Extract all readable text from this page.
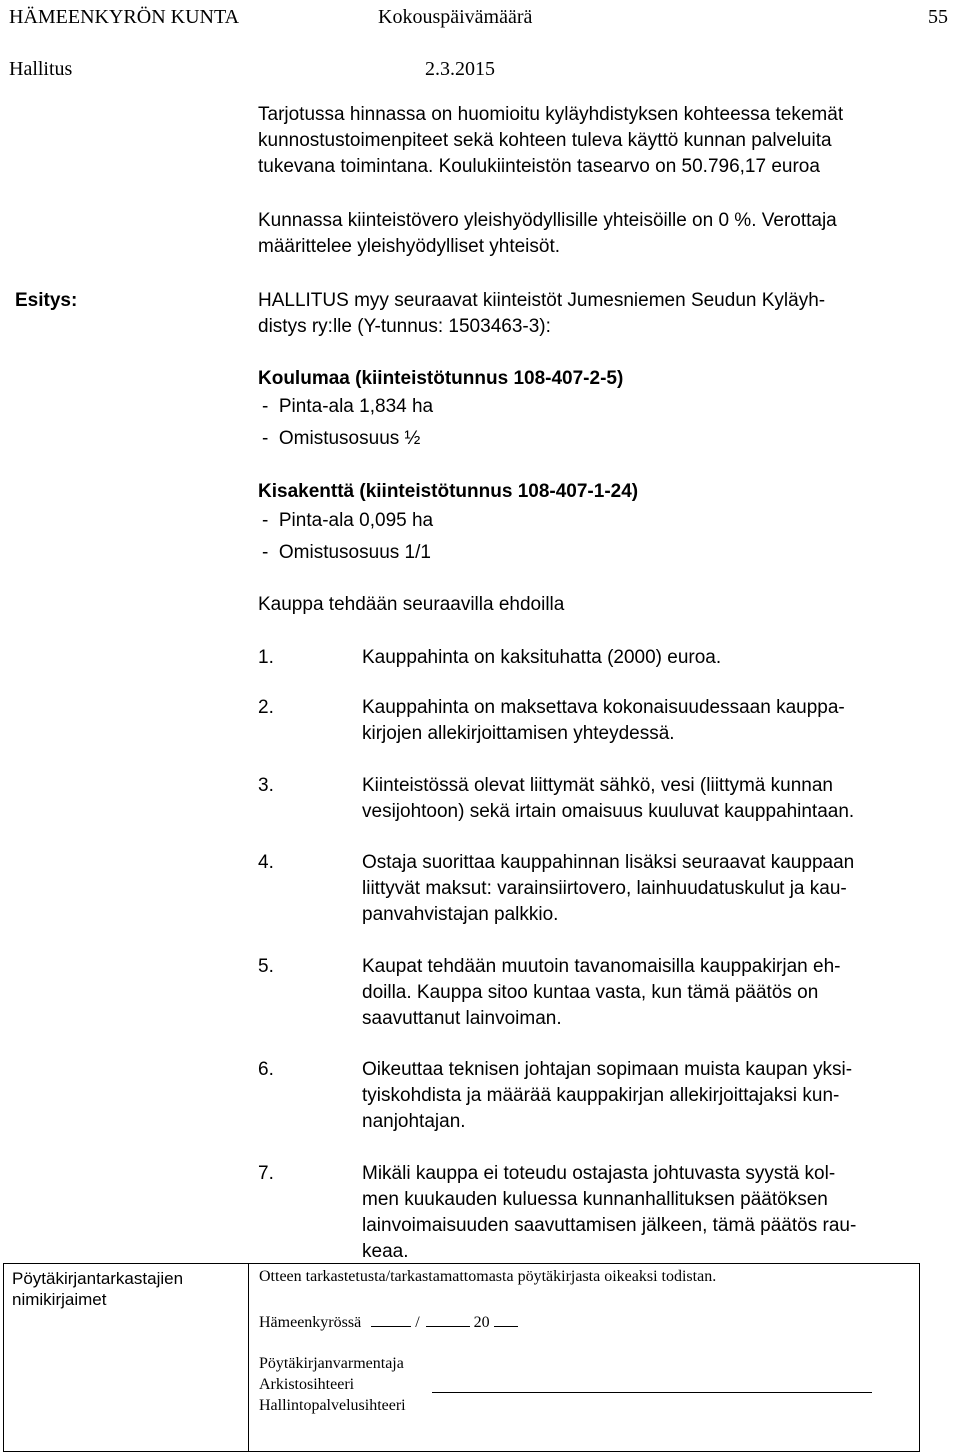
HÄMEENKYRÖN KUNTA	Kokouspäivämäärä	55
Hallitus	2.3.2015
Tarjotussa hinnassa on huomioitu kyläyhdistyksen kohteessa tekemät
kunnostustoimenpiteet sekä kohteen tuleva käyttö kunnan palveluita
tukevana toimintana. Koulukiinteistön tasearvo on 50.796,17 euroa
Kunnassa kiinteistövero yleishyödyllisille yhteisöille on 0 %. Verottaja
määrittelee yleishyödylliset yhteisöt.
Esitys:	HALLITUS myy seuraavat kiinteistöt Jumesniemen Seudun Kyläyh-
distys ry:lle (Y-tunnus: 1503463-3):
Koulumaa (kiinteistötunnus 108-407-2-5)
-  Pinta-ala 1,834 ha
-  Omistusosuus ½
Kisakenttä (kiinteistötunnus 108-407-1-24)
-  Pinta-ala 0,095 ha
-  Omistusosuus 1/1
Kauppa tehdään seuraavilla ehdoilla
1.	Kauppahinta on kaksituhatta (2000) euroa.
2.	Kauppahinta on maksettava kokonaisuudessaan kauppa-
kirjojen allekirjoittamisen yhteydessä.
3.	Kiinteistössä olevat liittymät sähkö, vesi (liittymä kunnan
vesijohtoon) sekä irtain omaisuus kuuluvat kauppahintaan.
4.	Ostaja suorittaa kauppahinnan lisäksi seuraavat kauppaan
liittyvät maksut: varainsiirtovero, lainhuudatuskulut ja kau-
panvahvistajan palkkio.
5.	Kaupat tehdään muutoin tavanomaisilla kauppakirjan eh-
doilla. Kauppa sitoo kuntaa vasta, kun tämä päätös on
saavuttanut lainvoiman.
6.	Oikeuttaa teknisen johtajan sopimaan muista kaupan yksi-
tyiskohdista ja määrää kauppakirjan allekirjoittajaksi kun-
nanjohtajan.
7.	Mikäli kauppa ei toteudu ostajasta johtuvasta syystä kol-
men kuukauden kuluessa kunnanhallituksen päätöksen
lainvoimaisuuden saavuttamisen jälkeen, tämä päätös rau-
keaa.
Pöytäkirjantarkastajien
nimikirjaimet
Otteen tarkastetusta/tarkastamattomasta pöytäkirjasta oikeaksi todistan.
Hämeenkyrössä	/	20
Pöytäkirjanvarmentaja
Arkistosihteeri
Hallintopalvelusihteeri
